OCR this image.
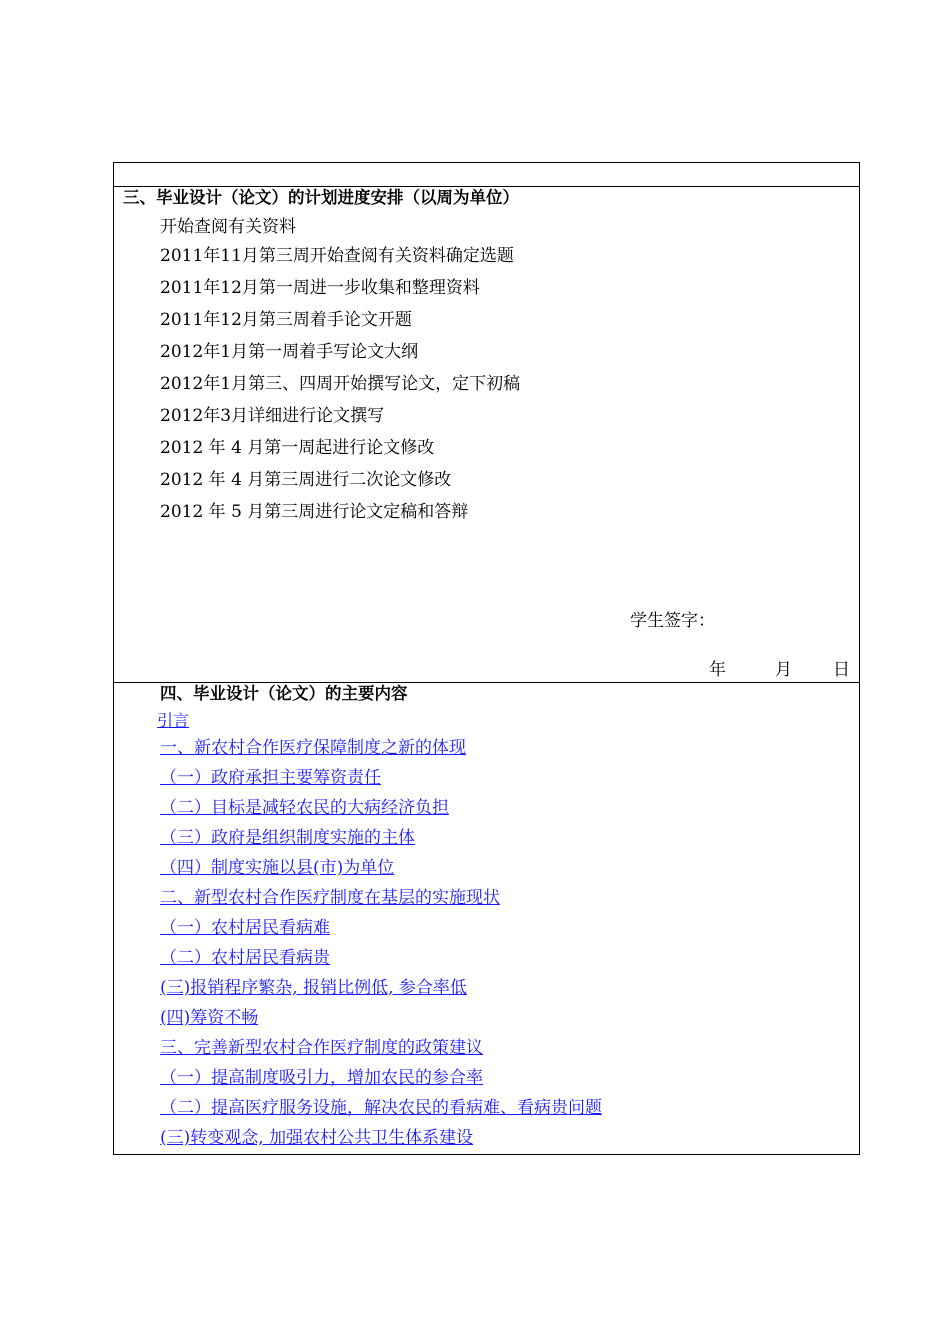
三、毕业设计（论文）的计划进度安排（以周为单位）
开始查阅有关资料
2011年11月第三周开始查阅有关资料确定选题
2011年12月第一周进一步收集和整理资料
2011年12月第三周着手论文开题
2012年1月第一周着手写论文大纲
2012年1月第三、四周开始撰写论文，定下初稿
2012年3月详细进行论文撰写
2012 年 4 月第一周起进行论文修改
2012 年 4 月第三周进行二次论文修改
2012 年 5 月第三周进行论文定稿和答辩
学生签字：
年	月 日
四、毕业设计（论文）的主要内容
引言
一、新农村合作医疗保障制度之新的体现
（一）政府承担主要筹资责任
（二）目标是减轻农民的大病经济负担
（三）政府是组织制度实施的主体
（四）制度实施以县(市)为单位
二、新型农村合作医疗制度在基层的实施现状
（一）农村居民看病难
（二）农村居民看病贵
(三)报销程序繁杂, 报销比例低, 参合率低
(四)筹资不畅
三、完善新型农村合作医疗制度的政策建议
（一）提高制度吸引力，增加农民的参合率
（二）提高医疗服务设施，解决农民的看病难、看病贵问题
(三)转变观念, 加强农村公共卫生体系建设
